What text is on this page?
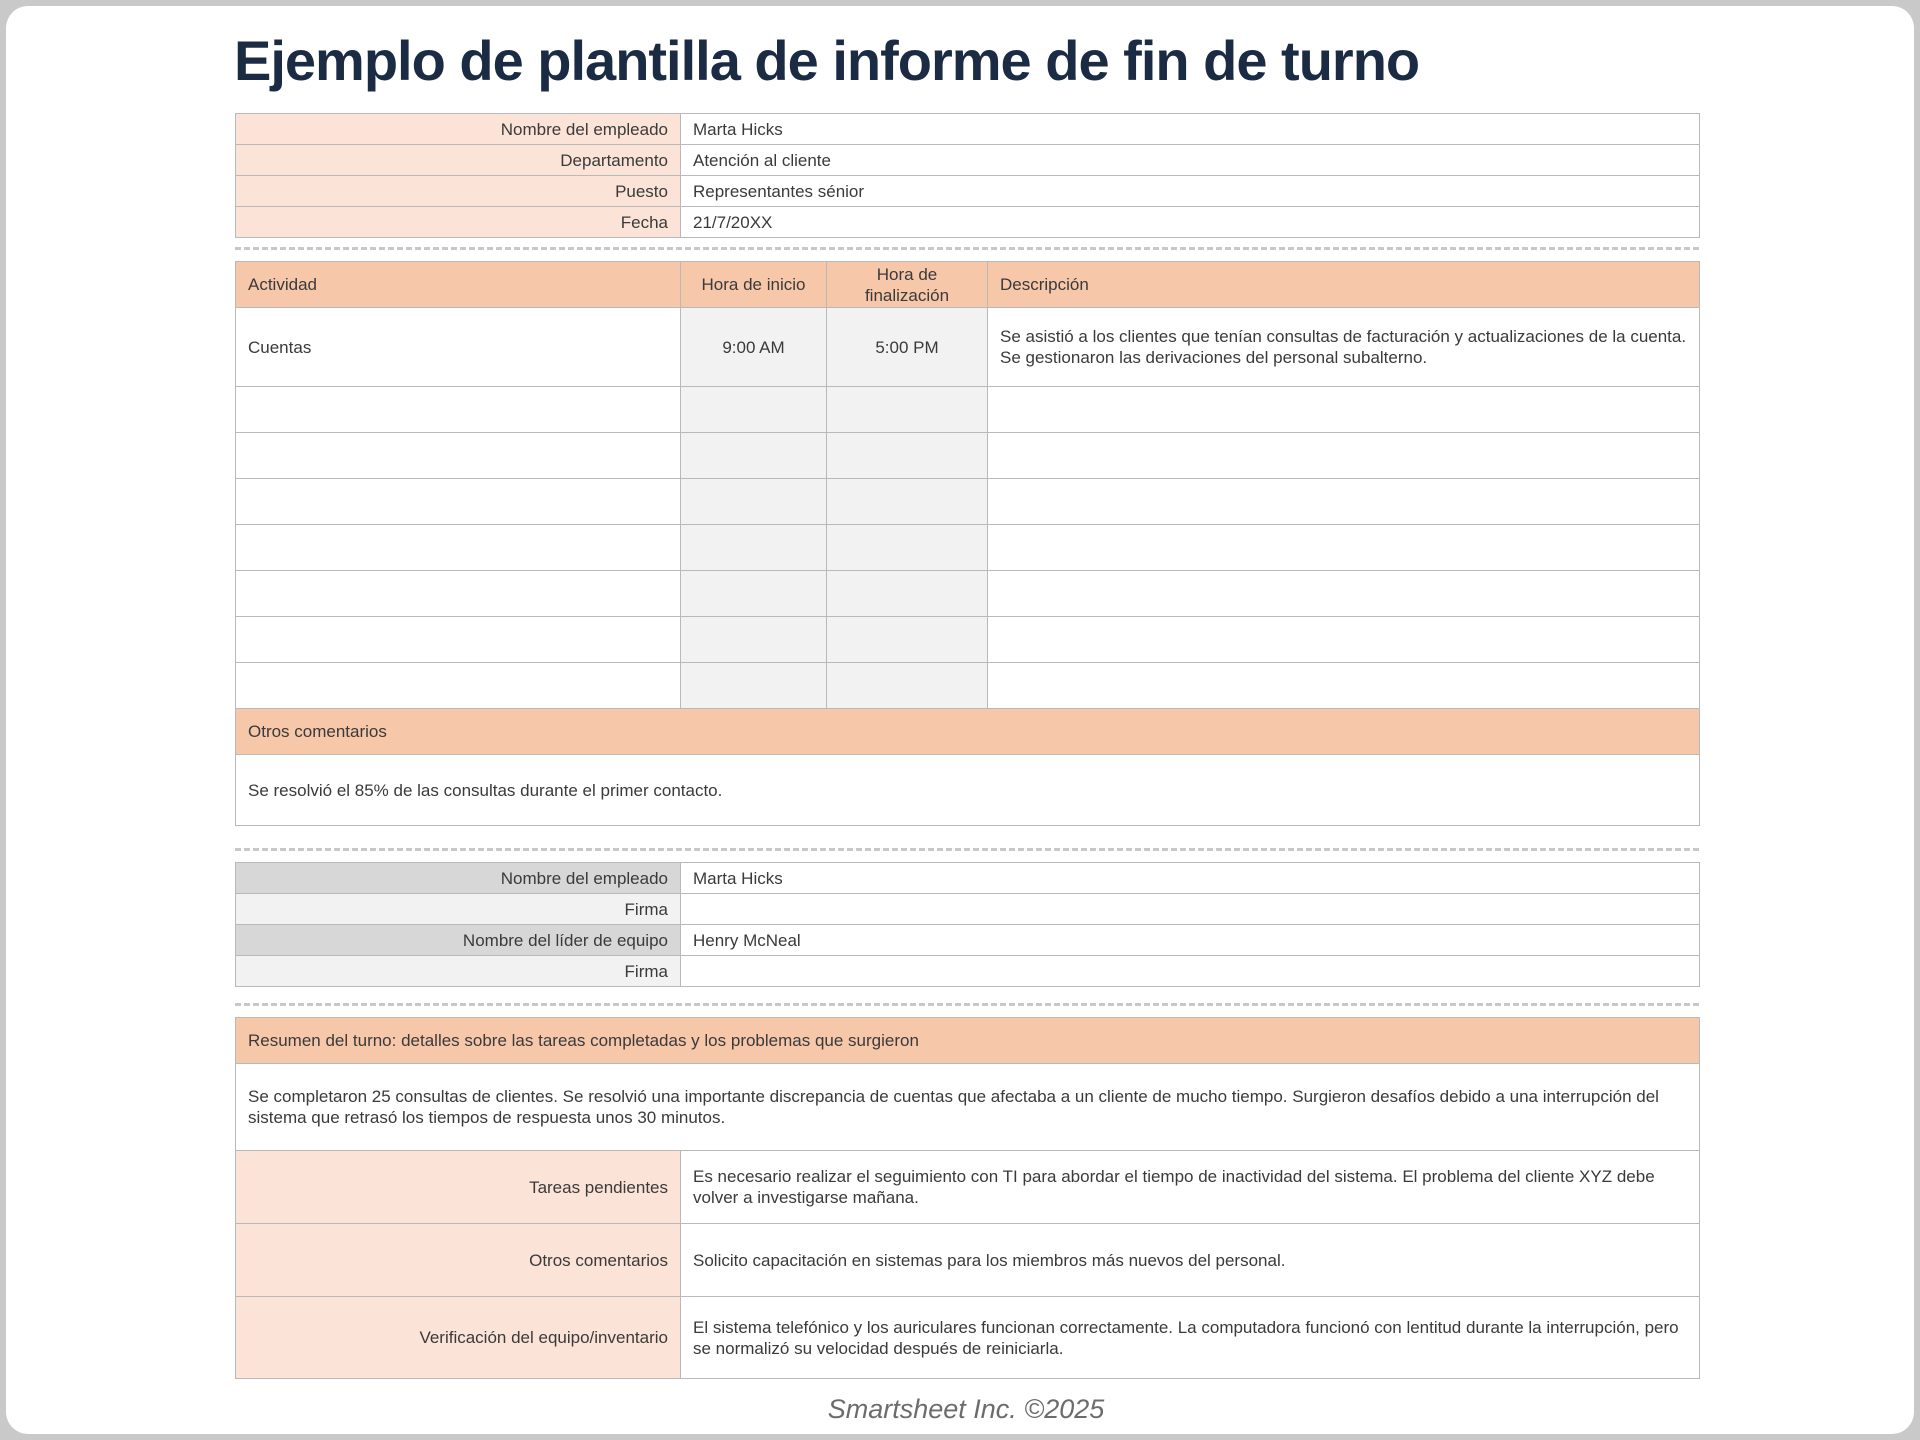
Ejemplo de plantilla de informe de fin de turno
Nombre del empleado	Marta Hicks
Departamento	Atención al cliente
Puesto	Representantes sénior
Fecha	21/7/20XX
Actividad	Hora de inicio	Hora de finalización	Descripción
Cuentas	9:00 AM	5:00 PM	Se asistió a los clientes que tenían consultas de facturación y actualizaciones de la cuenta. Se gestionaron las derivaciones del personal subalterno.

Otros comentarios			
Se resolvió el 85% de las consultas durante el primer contacto.			
Nombre del empleado	Marta Hicks
Firma	
Nombre del líder de equipo	Henry McNeal
Firma	
Resumen del turno: detalles sobre las tareas completadas y los problemas que surgieron	
Se completaron 25 consultas de clientes. Se resolvió una importante discrepancia de cuentas que afectaba a un cliente de mucho tiempo. Surgieron desafíos debido a una interrupción del sistema que retrasó los tiempos de respuesta unos 30 minutos.	
Tareas pendientes	Es necesario realizar el seguimiento con TI para abordar el tiempo de inactividad del sistema. El problema del cliente XYZ debe volver a investigarse mañana.
Otros comentarios	Solicito capacitación en sistemas para los miembros más nuevos del personal.
Verificación del equipo/inventario	El sistema telefónico y los auriculares funcionan correctamente. La computadora funcionó con lentitud durante la interrupción, pero se normalizó su velocidad después de reiniciarla.
Smartsheet Inc. ©2025
